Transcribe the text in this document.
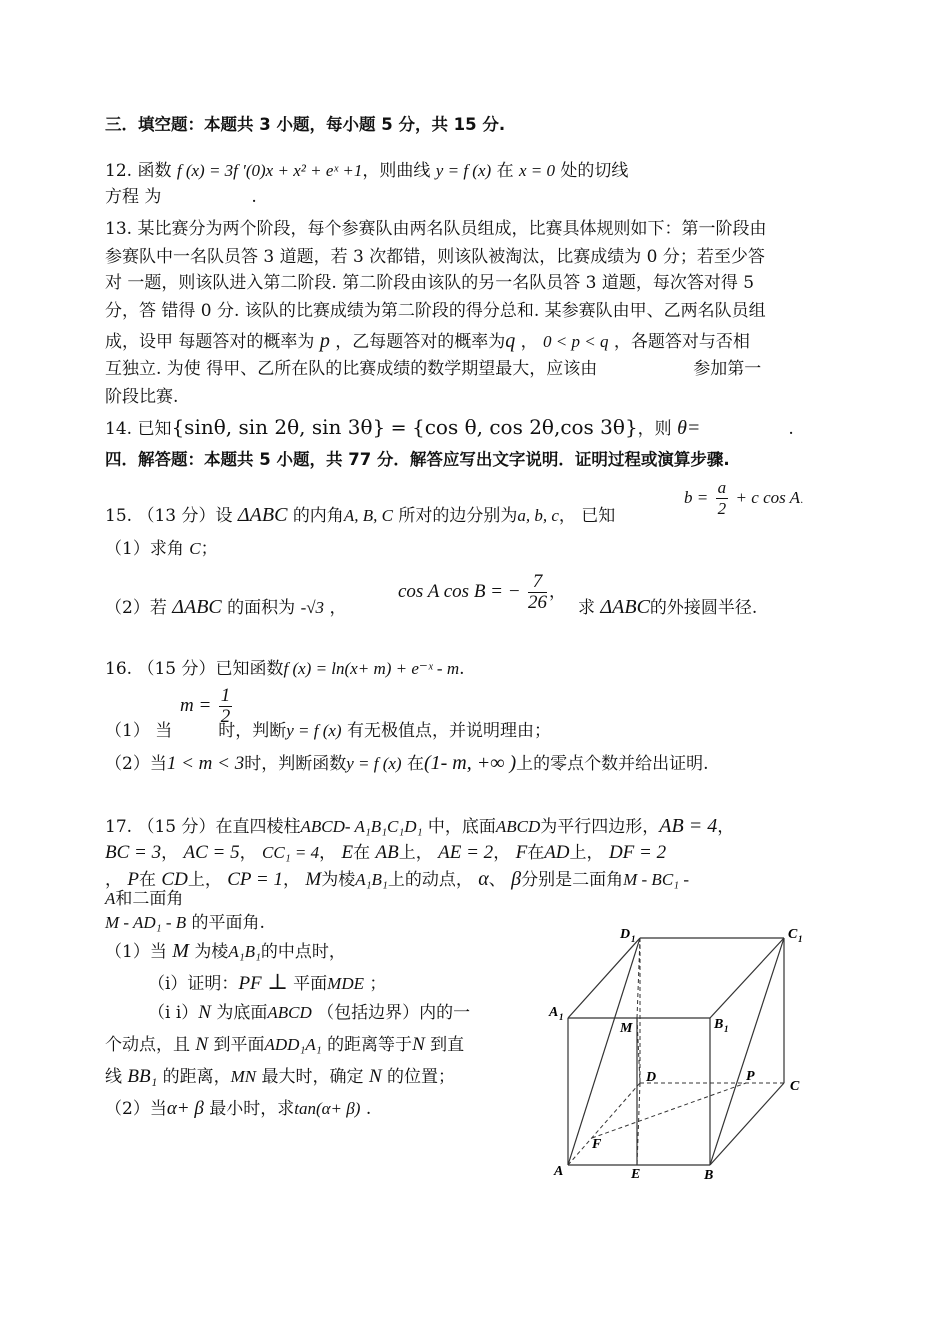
三．填空题：本题共 3 小题，每小题 5 分，共 15 分.
12. 函数 f (x) = 3f ′(0)x + x² + eˣ +1，则曲线 y = f (x) 在 x = 0 处的切线
方程 为	.
13. 某比赛分为两个阶段，每个参赛队由两名队员组成，比赛具体规则如下：第一阶段由
参赛队中一名队员答 3 道题，若 3 次都错，则该队被淘汰，比赛成绩为 0 分；若至少答
对 一题，则该队进入第二阶段. 第二阶段由该队的另一名队员答 3 道题，每次答对得 5
分，答 错得 0 分. 该队的比赛成绩为第二阶段的得分总和. 某参赛队由甲、乙两名队员组
成，设甲 每题答对的概率为 p ，乙每题答对的概率为q ， 0 < p < q ，各题答对与否相
互独立. 为使 得甲、乙所在队的比赛成绩的数学期望最大，应该由	参加第一
阶段比赛.
14. 已知{sinθ, sin 2θ, sin 3θ} = {cos θ, cos 2θ,cos 3θ}，则 θ=	.
四．解答题：本题共 5 小题，共 77 分．解答应写出文字说明．证明过程或演算步骤.
$b = \frac{a}{2} + c$ cos A.
15. （13 分）设 ΔABC 的内角A, B, C 所对的边分别为a, b, c， 已知
（1）求角 C；
cos A cos B = − $\frac{7}{26}$ ，
（2）若 ΔABC 的面积为 -√3 ，	求 ΔABC的外接圆半径.
16. （15 分）已知函数f (x) = ln(x+ m) + e⁻ˣ - m.
$m = \frac{1}{2}$
（1） 当	时，判断y = f (x) 有无极值点，并说明理由；
（2）当1 < m < 3时，判断函数y = f (x) 在(1- m, +∞ )上的零点个数并给出证明.
17. （15 分）在直四棱柱ABCD- A₁B₁C₁D₁ 中，底面ABCD为平行四边形，AB = 4，
BC = 3， AC = 5， CC₁ = 4， E在 AB上， AE = 2， F在AD上， DF = 2
， P在 CD上， CP = 1， M为棱A₁B₁上的动点， α、 β分别是二面角M - BC₁ -
A和二面角
M - AD₁ - B 的平面角.
（1）当 M 为棱A₁B₁的中点时，
（i）证明：PF ⊥ 平面MDE ；
（i i）N 为底面ABCD （包括边界）内的一
个动点，且 N 到平面ADD₁A₁ 的距离等于N 到直
线 BB₁ 的距离，MN 最大时，确定 N 的位置；
（2）当α+ β 最小时，求tan(α+ β) .
D 1	C 1
A 1	B 1
M
D	P
C
F
A	E	B
